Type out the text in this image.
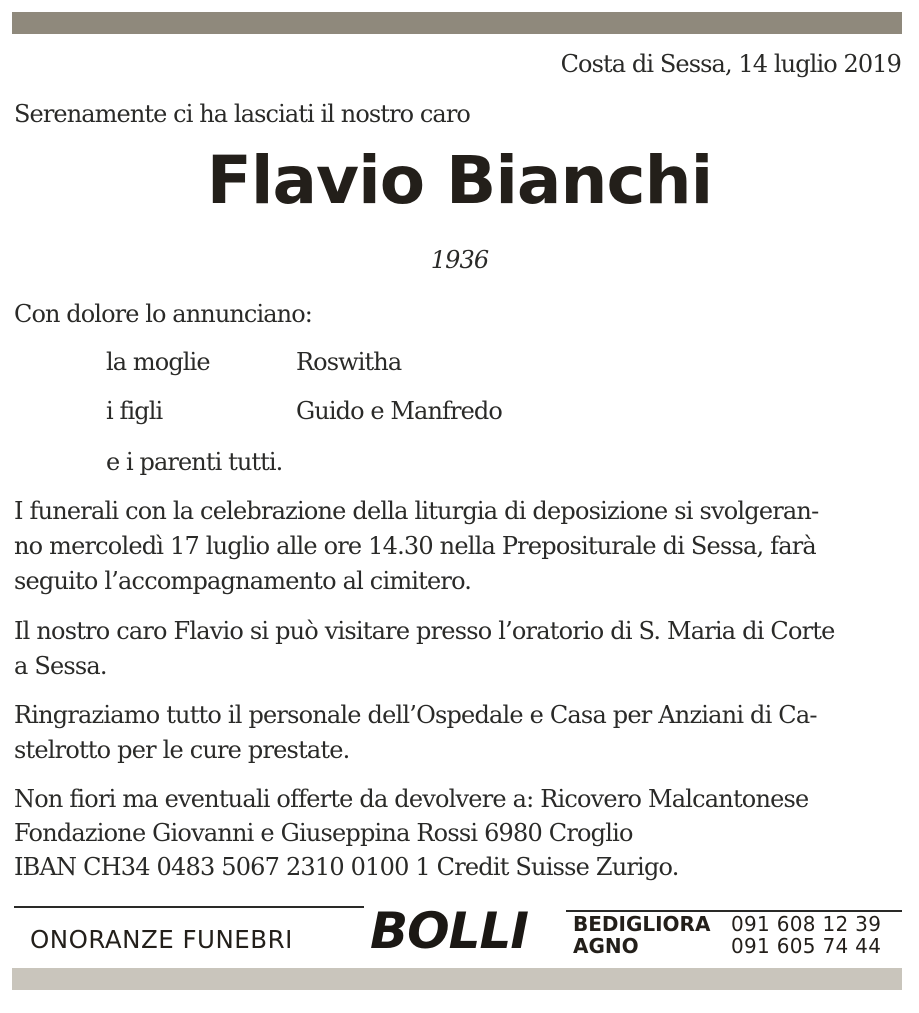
Costa di Sessa, 14 luglio 2019
Serenamente ci ha lasciati il nostro caro
Flavio Bianchi
1936
Con dolore lo annunciano:
la moglie	Roswitha
i figli	Guido e Manfredo
e i parenti tutti.

I funerali con la celebrazione della liturgia di deposizione si svolgeran-
no mercoledì 17 luglio alle ore 14.30 nella Prepositurale di Sessa, farà
seguito l’accompagnamento al cimitero.

Il nostro caro Flavio si può visitare presso l’oratorio di S. Maria di Corte
a Sessa.

Ringraziamo tutto il personale dell’Ospedale e Casa per Anziani di Ca-
stelrotto per le cure prestate.

Non fiori ma eventuali offerte da devolvere a: Ricovero Malcantonese
Fondazione Giovanni e Giuseppina Rossi 6980 Croglio
IBAN CH34 0483 5067 2310 0100 1 Credit Suisse Zurigo.

ONORANZE FUNEBRI BOLLI BEDIGLIORA 091 608 12 39
AGNO	091 605 74 44
